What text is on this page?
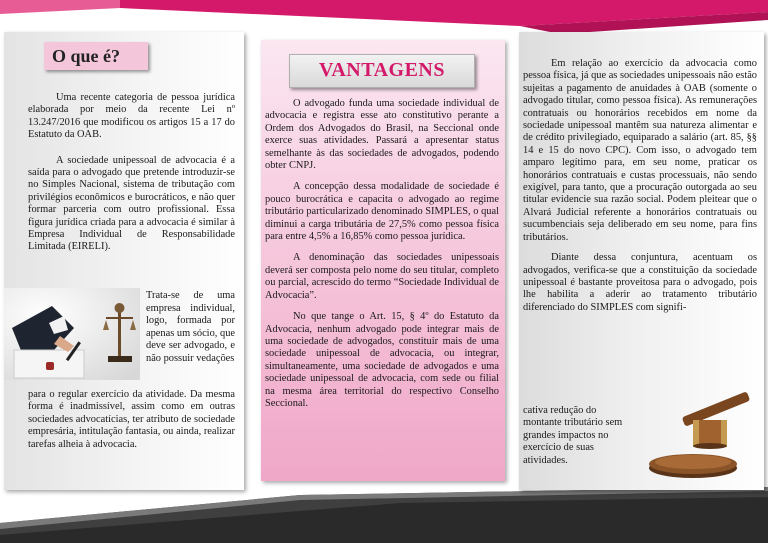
O que é?

Uma recente categoria de pessoa jurídica elaborada por meio da recente Lei nº 13.247/2016 que modificou os artigos 15 a 17 do Estatuto da OAB.

A sociedade unipessoal de advocacia é a saída para o advogado que pretende introduzir-se no Simples Nacional, sistema de tributação com privilégios econômicos e burocráticos, e não quer formar parceria com outro profissional. Essa figura jurídica criada para a advocacia é similar à Empresa Individual de Responsabilidade Limitada (EIRELI).

Trata-se de uma empresa individual, logo, formada por apenas um sócio, que deve ser advogado, e não possuir vedações

para o regular exercício da atividade. Da mesma forma é inadmissível, assim como em outras sociedades advocatícias, ter atributo de sociedade empresária, intitulação fantasia, ou ainda, realizar tarefas alheia à advocacia.

VANTAGENS

O advogado funda uma sociedade individual de advocacia e registra esse ato constitutivo perante a Ordem dos Advogados do Brasil, na Seccional onde exerce suas atividades. Passará a apresentar status semelhante às das sociedades de advogados, podendo obter CNPJ.

A concepção dessa modalidade de sociedade é pouco burocrática e capacita o advogado ao regime tributário particularizado denominado SIMPLES, o qual diminui a carga tributária de 27,5% como pessoa física para entre 4,5% a 16,85% como pessoa jurídica.

A denominação das sociedades unipessoais deverá ser composta pelo nome do seu titular, completo ou parcial, acrescido do termo “Sociedade Individual de Advocacia”.

No que tange o Art. 15, § 4º do Estatuto da Advocacia, nenhum advogado pode integrar mais de uma sociedade de advogados, constituir mais de uma sociedade unipessoal de advocacia, ou integrar, simultaneamente, uma sociedade de advogados e uma sociedade unipessoal de advocacia, com sede ou filial na mesma área territorial do respectivo Conselho Seccional.

Em relação ao exercício da advocacia como pessoa física, já que as sociedades unipessoais não estão sujeitas a pagamento de anuidades à OAB (somente o advogado titular, como pessoa física). As remunerações contratuais ou honorários recebidos em nome da sociedade unipessoal mantêm sua natureza alimentar e de crédito privilegiado, equiparado a salário (art. 85, §§ 14 e 15 do novo CPC). Com isso, o advogado tem amparo legítimo para, em seu nome, praticar os honorários contratuais e custas processuais, não sendo exigível, para tanto, que a procuração outorgada ao seu titular evidencie sua razão social. Podem pleitear que o Alvará Judicial referente a honorários contratuais ou sucumbenciais seja deliberado em seu nome, para fins tributários.

Diante dessa conjuntura, acentuam os advogados, verifica-se que a constituição da sociedade unipessoal é bastante proveitosa para o advogado, pois lhe habilita a aderir ao tratamento tributário diferenciado do SIMPLES com signifi-

cativa redução do montante tributário sem grandes impactos no exercício de suas atividades.
